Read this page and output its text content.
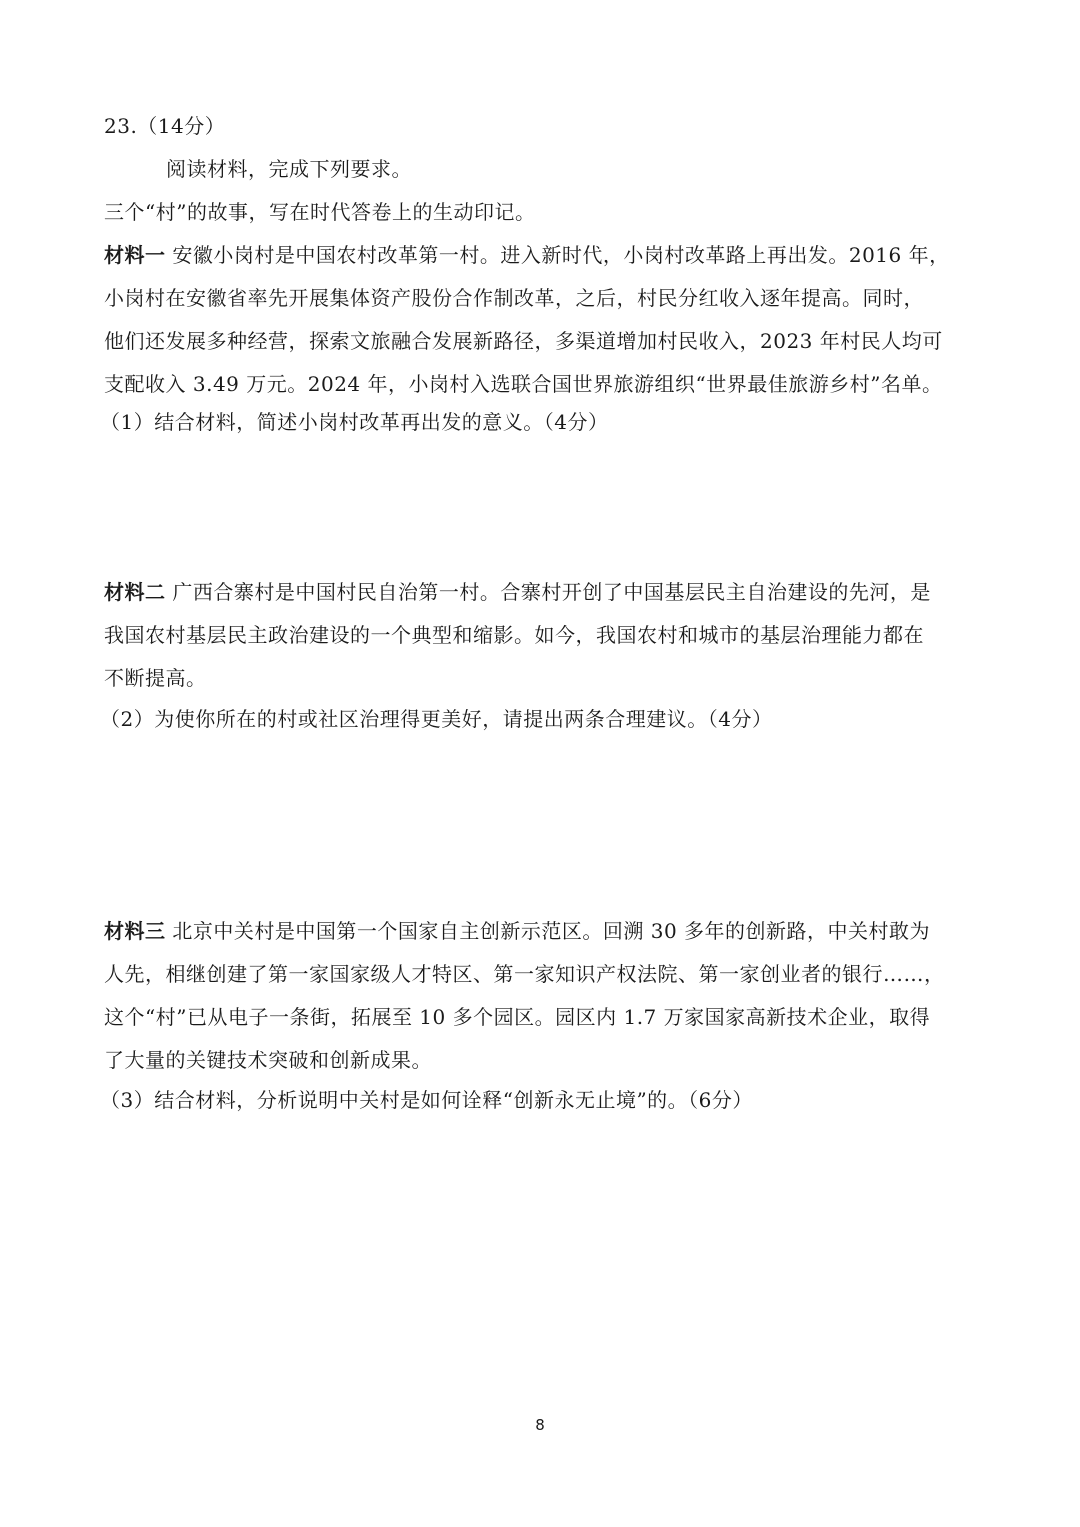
23.（14分）
阅读材料，完成下列要求。
三个“村”的故事，写在时代答卷上的生动印记。
材料一 安徽小岗村是中国农村改革第一村。进入新时代，小岗村改革路上再出发。2016 年，
小岗村在安徽省率先开展集体资产股份合作制改革，之后，村民分红收入逐年提高。同时，
他们还发展多种经营，探索文旅融合发展新路径，多渠道增加村民收入，2023 年村民人均可
支配收入 3.49 万元。2024 年，小岗村入选联合国世界旅游组织“世界最佳旅游乡村”名单。
（1）结合材料，简述小岗村改革再出发的意义。（4分）
材料二 广西合寨村是中国村民自治第一村。合寨村开创了中国基层民主自治建设的先河，是
我国农村基层民主政治建设的一个典型和缩影。如今，我国农村和城市的基层治理能力都在
不断提高。
（2）为使你所在的村或社区治理得更美好，请提出两条合理建议。（4分）
材料三 北京中关村是中国第一个国家自主创新示范区。回溯 30 多年的创新路，中关村敢为
人先，相继创建了第一家国家级人才特区、第一家知识产权法院、第一家创业者的银行……，
这个“村”已从电子一条街，拓展至 10 多个园区。园区内 1.7 万家国家高新技术企业，取得
了大量的关键技术突破和创新成果。
（3）结合材料，分析说明中关村是如何诠释“创新永无止境”的。（6分）
8
